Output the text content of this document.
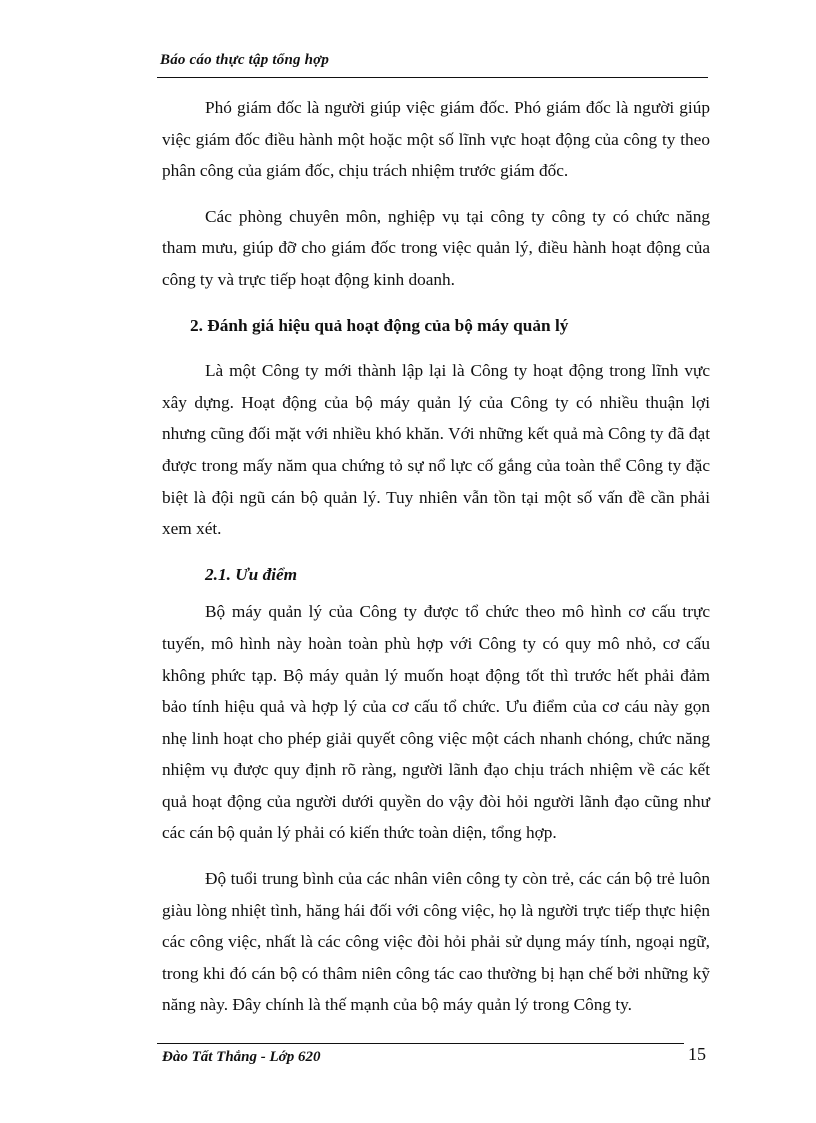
Báo cáo thực tập tổng hợp

Phó giám đốc là người giúp việc giám đốc. Phó giám đốc là người giúp việc giám đốc điều hành một hoặc một số lĩnh vực hoạt động của công ty theo phân công của giám đốc, chịu trách nhiệm trước giám đốc.

Các phòng chuyên môn, nghiệp vụ tại công ty công ty có chức năng tham mưu, giúp đỡ cho giám đốc trong việc quản lý, điều hành hoạt động của công ty và trực tiếp hoạt động kinh doanh.

2. Đánh giá hiệu quả hoạt động của bộ máy quản lý

Là một Công ty mới thành lập lại là Công ty hoạt động trong lĩnh vực xây dựng. Hoạt động của bộ máy quản lý của Công ty có nhiều thuận lợi nhưng cũng đối mặt với nhiều khó khăn. Với những kết quả mà Công ty đã đạt được trong mấy năm qua chứng tỏ sự nổ lực cố gắng của toàn thể Công ty đặc biệt là đội ngũ cán bộ quản lý. Tuy nhiên vẫn tồn tại một số vấn đề cần phải xem xét.

2.1. Ưu điểm

Bộ máy quản lý của Công ty được tổ chức theo mô hình cơ cấu trực tuyến, mô hình này hoàn toàn phù hợp với Công ty có quy mô nhỏ, cơ cấu không phức tạp. Bộ máy quản lý muốn hoạt động tốt thì trước hết phải đảm bảo tính hiệu quả và hợp lý của cơ cấu tổ chức. Ưu điểm của cơ cáu này gọn nhẹ linh hoạt cho phép giải quyết công việc một cách nhanh chóng, chức năng nhiệm vụ được quy định rõ ràng, người lãnh đạo chịu trách nhiệm về các kết quả hoạt động của người dưới quyền do vậy đòi hỏi người lãnh đạo cũng như các cán bộ quản lý phải có kiến thức toàn diện, tổng hợp.

Độ tuổi trung bình của các nhân viên công ty còn trẻ, các cán bộ trẻ luôn giàu lòng nhiệt tình, hăng hái đối với công việc, họ là người trực tiếp thực hiện các công việc, nhất là các công việc đòi hỏi phải sử dụng máy tính, ngoại ngữ, trong khi đó cán bộ có thâm niên công tác cao thường bị hạn chế bởi những kỹ năng này. Đây chính là thế mạnh của bộ máy quản lý trong Công ty.

Đào Tất Thắng - Lớp 620	15
